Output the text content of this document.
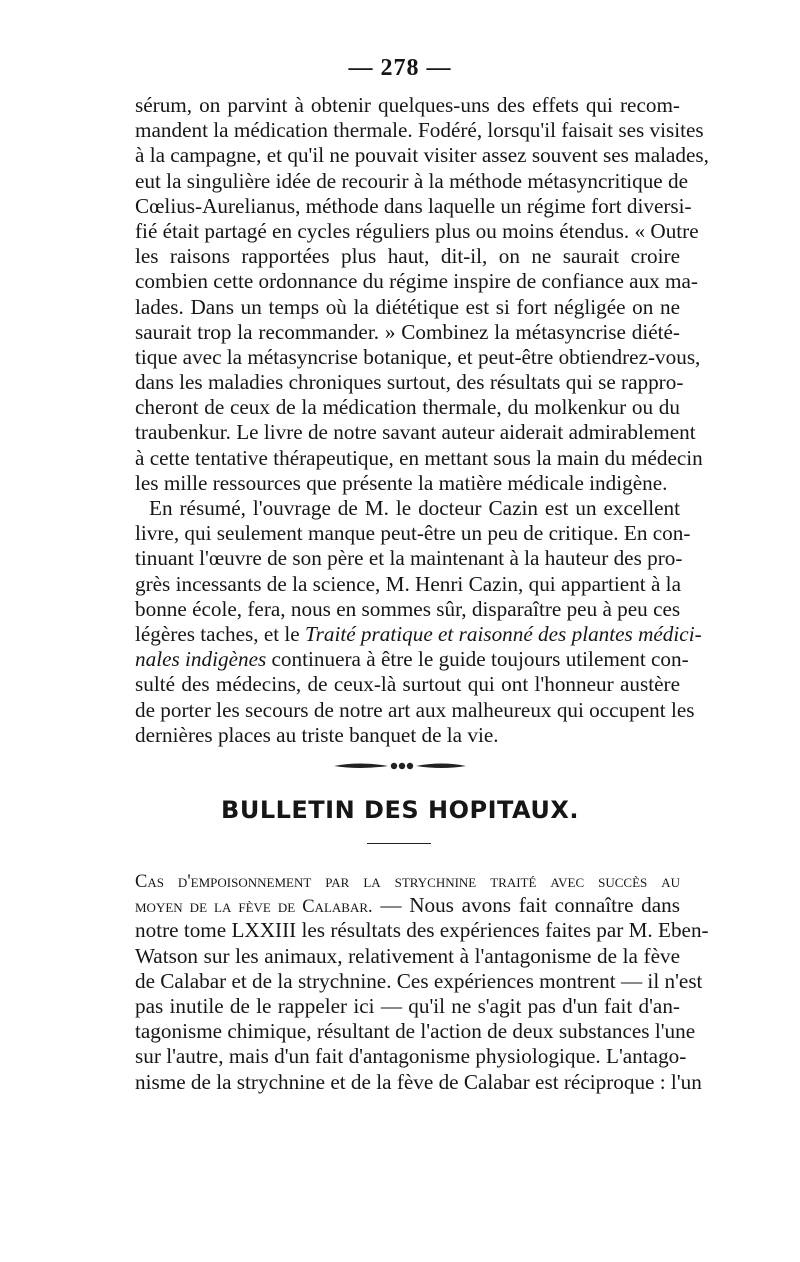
— 278 —
sérum, on parvint à obtenir quelques-uns des effets qui recom-
mandent la médication thermale. Fodéré, lorsqu'il faisait ses visites
à la campagne, et qu'il ne pouvait visiter assez souvent ses malades,
eut la singulière idée de recourir à la méthode métasyncritique de
Cœlius-Aurelianus, méthode dans laquelle un régime fort diversi-
fié était partagé en cycles réguliers plus ou moins étendus. « Outre
les raisons rapportées plus haut, dit-il, on ne saurait croire
combien cette ordonnance du régime inspire de confiance aux ma-
lades. Dans un temps où la diététique est si fort négligée on ne
saurait trop la recommander. » Combinez la métasyncrise diété-
tique avec la métasyncrise botanique, et peut-être obtiendrez-vous,
dans les maladies chroniques surtout, des résultats qui se rappro-
cheront de ceux de la médication thermale, du molkenkur ou du
traubenkur. Le livre de notre savant auteur aiderait admirablement
à cette tentative thérapeutique, en mettant sous la main du médecin
les mille ressources que présente la matière médicale indigène.
En résumé, l'ouvrage de M. le docteur Cazin est un excellent
livre, qui seulement manque peut-être un peu de critique. En con-
tinuant l'œuvre de son père et la maintenant à la hauteur des pro-
grès incessants de la science, M. Henri Cazin, qui appartient à la
bonne école, fera, nous en sommes sûr, disparaître peu à peu ces
légères taches, et le Traité pratique et raisonné des plantes médici-
nales indigènes continuera à être le guide toujours utilement con-
sulté des médecins, de ceux-là surtout qui ont l'honneur austère
de porter les secours de notre art aux malheureux qui occupent les
dernières places au triste banquet de la vie.
BULLETIN DES HOPITAUX.
Cas d'empoisonnement par la strychnine traité avec succès au
moyen de la fève de Calabar. — Nous avons fait connaître dans
notre tome LXXIII les résultats des expériences faites par M. Eben-
Watson sur les animaux, relativement à l'antagonisme de la fève
de Calabar et de la strychnine. Ces expériences montrent — il n'est
pas inutile de le rappeler ici — qu'il ne s'agit pas d'un fait d'an-
tagonisme chimique, résultant de l'action de deux substances l'une
sur l'autre, mais d'un fait d'antagonisme physiologique. L'antago-
nisme de la strychnine et de la fève de Calabar est réciproque : l'un
